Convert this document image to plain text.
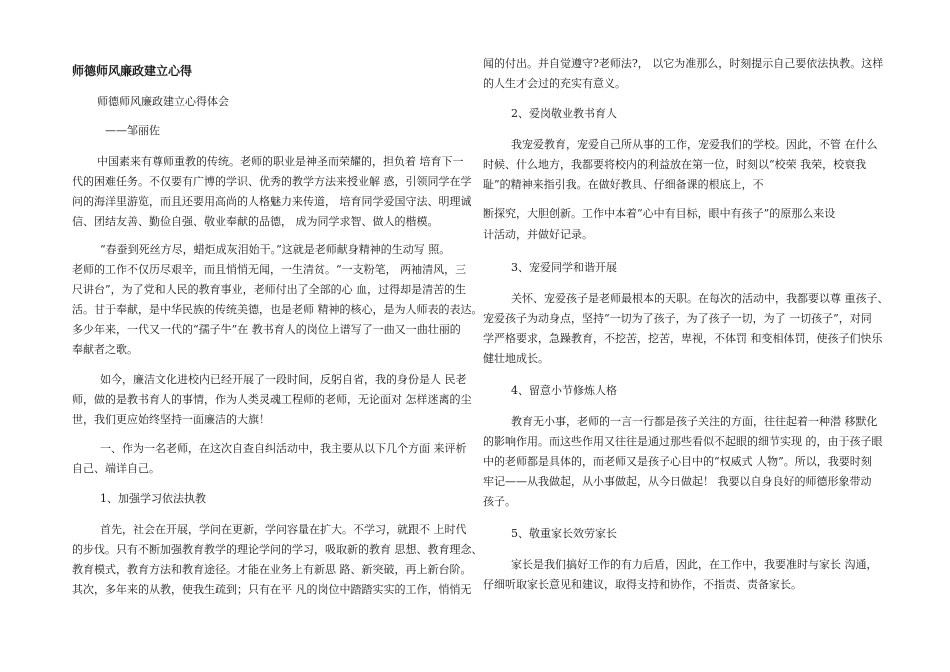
师德师风廉政建立心得
师德师风廉政建立心得体会
——邹丽佐
中国素来有尊师重教的传统。老师的职业是神圣而荣耀的，担负着 培育下一
代的困难任务。不仅要有广博的学识、优秀的教学方法来授业解 惑，引领同学在学
问的海洋里游览，而且还要用高尚的人格魅力来传道， 培育同学爱国守法、明理诚
信、团结友善、勤俭自强、敬业奉献的品德， 成为同学求智、做人的楷模。
“春蚕到死丝方尽，蜡炬成灰泪始干。”这就是老师献身精神的生动写 照。
老师的工作不仅历尽艰辛，而且悄悄无闻，一生清贫。“一支粉笔， 两袖清风，三
尺讲台”，为了党和人民的教育事业，老师付出了全部的心 血，过得却是清苦的生
活。甘于奉献，是中华民族的传统美德，也是老师 精神的核心，是为人师表的表达。
多少年来，一代又一代的“孺子牛”在 教书育人的岗位上谱写了一曲又一曲壮丽的
奉献者之歌。
如今，廉洁文化进校内已经开展了一段时间，反躬自省，我的身份是人 民老
师，做的是教书育人的事情，作为人类灵魂工程师的老师，无论面对 怎样迷离的尘
世，我们更应始终坚持一面廉洁的大旗！
一、作为一名老师，在这次自查自纠活动中，我主要从以下几个方面 来评析
自己、端详自己。
1、加强学习依法执教
首先，社会在开展，学问在更新，学问容量在扩大。不学习，就跟不 上时代
的步伐。只有不断加强教育教学的理论学问的学习，吸取新的教育 思想、教育理念、
教育模式，教育方法和教育途径。才能在业务上有新思 路、新突破，再上新台阶。
其次，多年来的从教，使我生疏到；只有在平 凡的岗位中踏踏实实的工作，悄悄无
闻的付出。并自觉遵守?老师法?， 以它为准那么，时刻提示自己要依法执教。这样
的人生才会过的充实有意义。
2、爱岗敬业教书育人
我宠爱教育，宠爱自己所从事的工作，宠爱我们的学校。因此，不管 在什么
时候、什么地方，我都要将校内的利益放在第一位，时刻以“校荣 我荣，校衰我
耻”的精神来指引我。在做好教具、仔细备课的根底上，不
断探究，大胆创新。工作中本着“心中有目标，眼中有孩子”的原那么来设
计活动，并做好记录。
3、宠爱同学和谐开展
关怀、宠爱孩子是老师最根本的天职。在每次的活动中，我都要以尊 重孩子、
宠爱孩子为动身点，坚持“一切为了孩子，为了孩子一切，为了 一切孩子”，对同
学严格要求，急躁教育，不挖苦，挖苦，卑视，不体罚 和变相体罚，使孩子们快乐
健壮地成长。
4、留意小节修炼人格
教育无小事，老师的一言一行都是孩子关注的方面，往往起着一种潜 移默化
的影响作用。而这些作用又往往是通过那些看似不起眼的细节实现 的，由于孩子眼
中的老师都是具体的，而老师又是孩子心目中的“权威式 人物”。所以，我要时刻
牢记——从我做起，从小事做起，从今日做起！ 我要以自身良好的师德形象带动
孩子。
5、敬重家长效劳家长
家长是我们搞好工作的有力后盾，因此，在工作中，我要准时与家长 沟通，
仔细听取家长意见和建议，取得支持和协作，不指责、责备家长。
